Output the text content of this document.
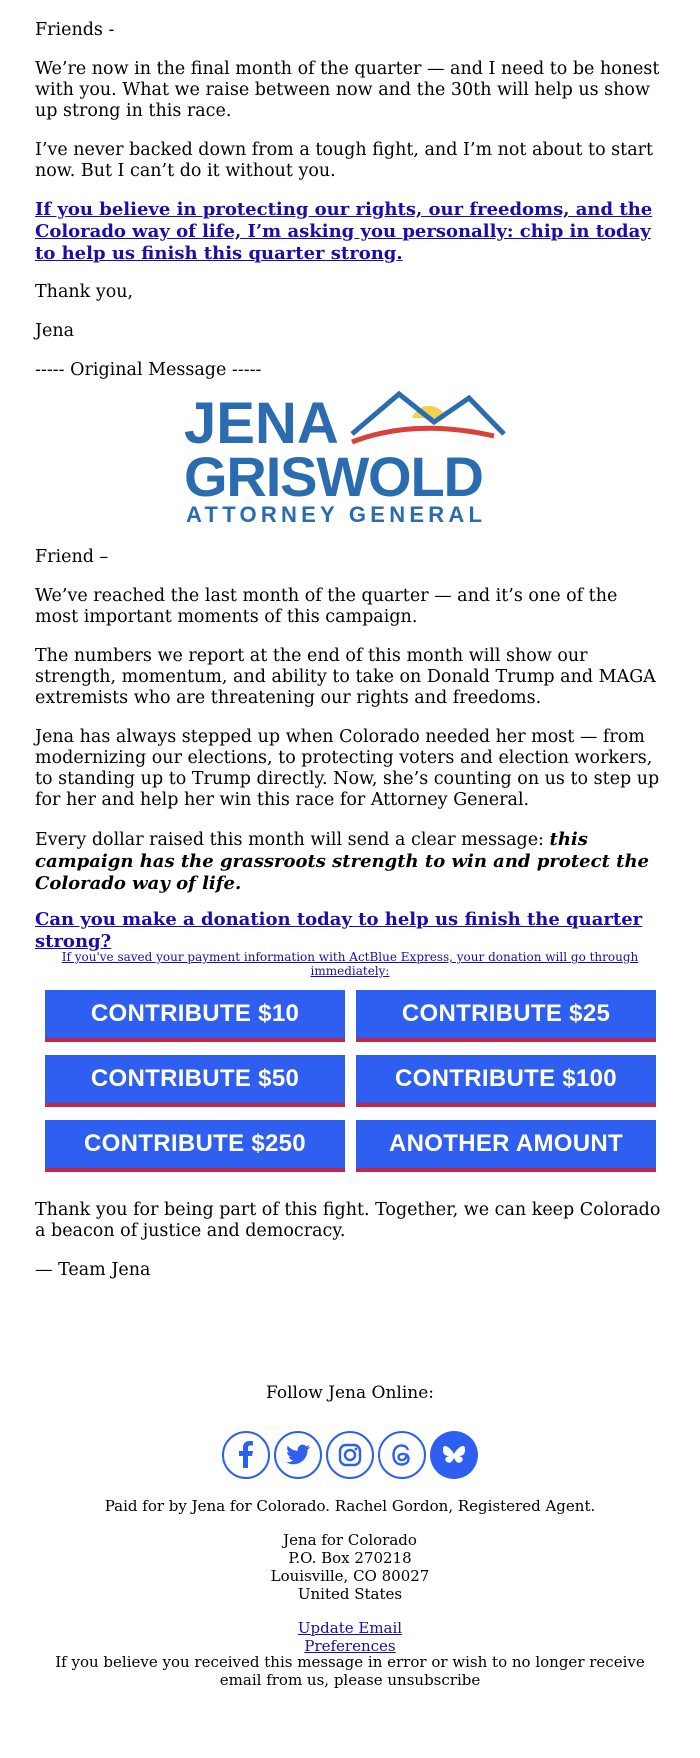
Friends -

We’re now in the final month of the quarter — and I need to be honest with you. What we raise between now and the 30th will help us show up strong in this race.

I’ve never backed down from a tough fight, and I’m not about to start now. But I can’t do it without you.

If you believe in protecting our rights, our freedoms, and the Colorado way of life, I’m asking you personally: chip in today to help us finish this quarter strong.

Thank you,

Jena

----- Original Message -----

Friend –

We’ve reached the last month of the quarter — and it’s one of the most important moments of this campaign.

The numbers we report at the end of this month will show our strength, momentum, and ability to take on Donald Trump and MAGA extremists who are threatening our rights and freedoms.

Jena has always stepped up when Colorado needed her most — from modernizing our elections, to protecting voters and election workers, to standing up to Trump directly. Now, she’s counting on us to step up for her and help her win this race for Attorney General.

Every dollar raised this month will send a clear message: this campaign has the grassroots strength to win and protect the Colorado way of life.

Can you make a donation today to help us finish the quarter strong?

If you've saved your payment information with ActBlue Express, your donation will go through immediately:

Thank you for being part of this fight. Together, we can keep Colorado a beacon of justice and democracy.

— Team Jena

JENA
GRISWOLD
ATTORNEY GENERAL
CONTRIBUTE $10	CONTRIBUTE $25
CONTRIBUTE $50	CONTRIBUTE $100
CONTRIBUTE $250	ANOTHER AMOUNT
Follow Jena Online:
Paid for by Jena for Colorado. Rachel Gordon, Registered Agent.
Jena for Colorado
P.O. Box 270218
Louisville, CO 80027
United States
Update Email Preferences
If you believe you received this message in error or wish to no longer receive email from us, please unsubscribe
